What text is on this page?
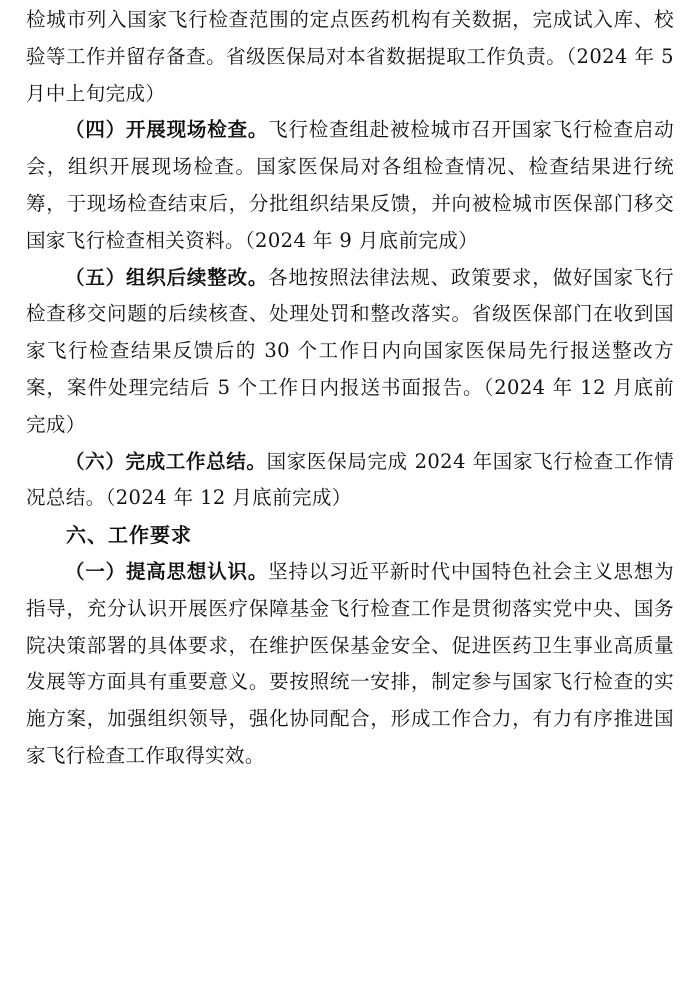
检城市列入国家飞行检查范围的定点医药机构有关数据，完成试入库、校验等工作并留存备查。省级医保局对本省数据提取工作负责。（2024 年 5 月中上旬完成）

（四）开展现场检查。飞行检查组赴被检城市召开国家飞行检查启动会，组织开展现场检查。国家医保局对各组检查情况、检查结果进行统筹，于现场检查结束后，分批组织结果反馈，并向被检城市医保部门移交国家飞行检查相关资料。（2024 年 9 月底前完成）

（五）组织后续整改。各地按照法律法规、政策要求，做好国家飞行检查移交问题的后续核查、处理处罚和整改落实。省级医保部门在收到国家飞行检查结果反馈后的 30 个工作日内向国家医保局先行报送整改方案，案件处理完结后 5 个工作日内报送书面报告。（2024 年 12 月底前完成）

（六）完成工作总结。国家医保局完成 2024 年国家飞行检查工作情况总结。（2024 年 12 月底前完成）

六、工作要求

（一）提高思想认识。坚持以习近平新时代中国特色社会主义思想为指导，充分认识开展医疗保障基金飞行检查工作是贯彻落实党中央、国务院决策部署的具体要求，在维护医保基金安全、促进医药卫生事业高质量发展等方面具有重要意义。要按照统一安排，制定参与国家飞行检查的实施方案，加强组织领导，强化协同配合，形成工作合力，有力有序推进国家飞行检查工作取得实效。
